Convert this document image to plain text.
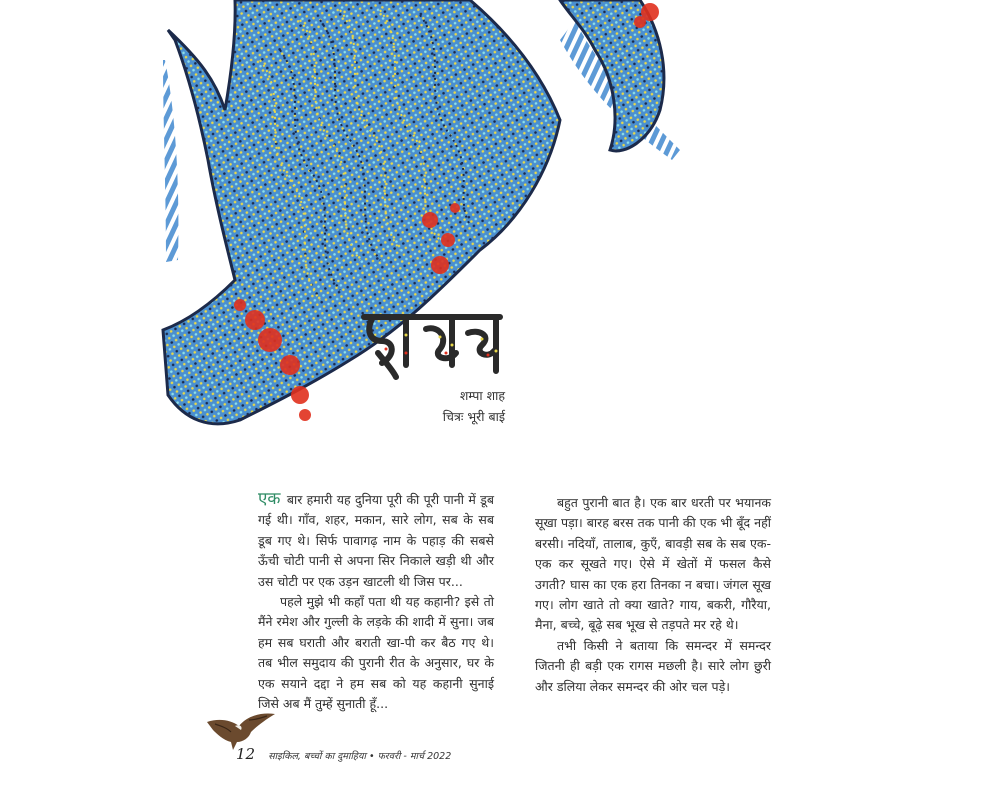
शम्पा शाह
चित्रः भूरी बाई

एक बार हमारी यह दुनिया पूरी की पूरी पानी में डूब गई थी। गाँव, शहर, मकान, सारे लोग, सब के सब डूब गए थे। सिर्फ पावागढ़ नाम के पहाड़ की सबसे ऊँची चोटी पानी से अपना सिर निकाले खड़ी थी और उस चोटी पर एक उड़न खाटली थी जिस पर...

पहले मुझे भी कहाँ पता थी यह कहानी? इसे तो मैंने रमेश और गुल्ली के लड़के की शादी में सुना। जब हम सब घराती और बराती खा-पी कर बैठ गए थे। तब भील समुदाय की पुरानी रीत के अनुसार, घर के एक सयाने दद्दा ने हम सब को यह कहानी सुनाई जिसे अब मैं तुम्हें सुनाती हूँ...

बहुत पुरानी बात है। एक बार धरती पर भयानक सूखा पड़ा। बारह बरस तक पानी की एक भी बूँद नहीं बरसी। नदियाँ, तालाब, कुएँ, बावड़ी सब के सब एक-एक कर सूखते गए। ऐसे में खेतों में फसल कैसे उगती? घास का एक हरा तिनका न बचा। जंगल सूख गए। लोग खाते तो क्या खाते? गाय, बकरी, गौरैया, मैना, बच्चे, बूढ़े सब भूख से तड़पते मर रहे थे।

तभी किसी ने बताया कि समन्दर में समन्दर जितनी ही बड़ी एक रागस मछली है। सारे लोग छुरी और डलिया लेकर समन्दर की ओर चल पड़े।

12 साइकिल, बच्चों का दुमाहिया • फरवरी - मार्च 2022
